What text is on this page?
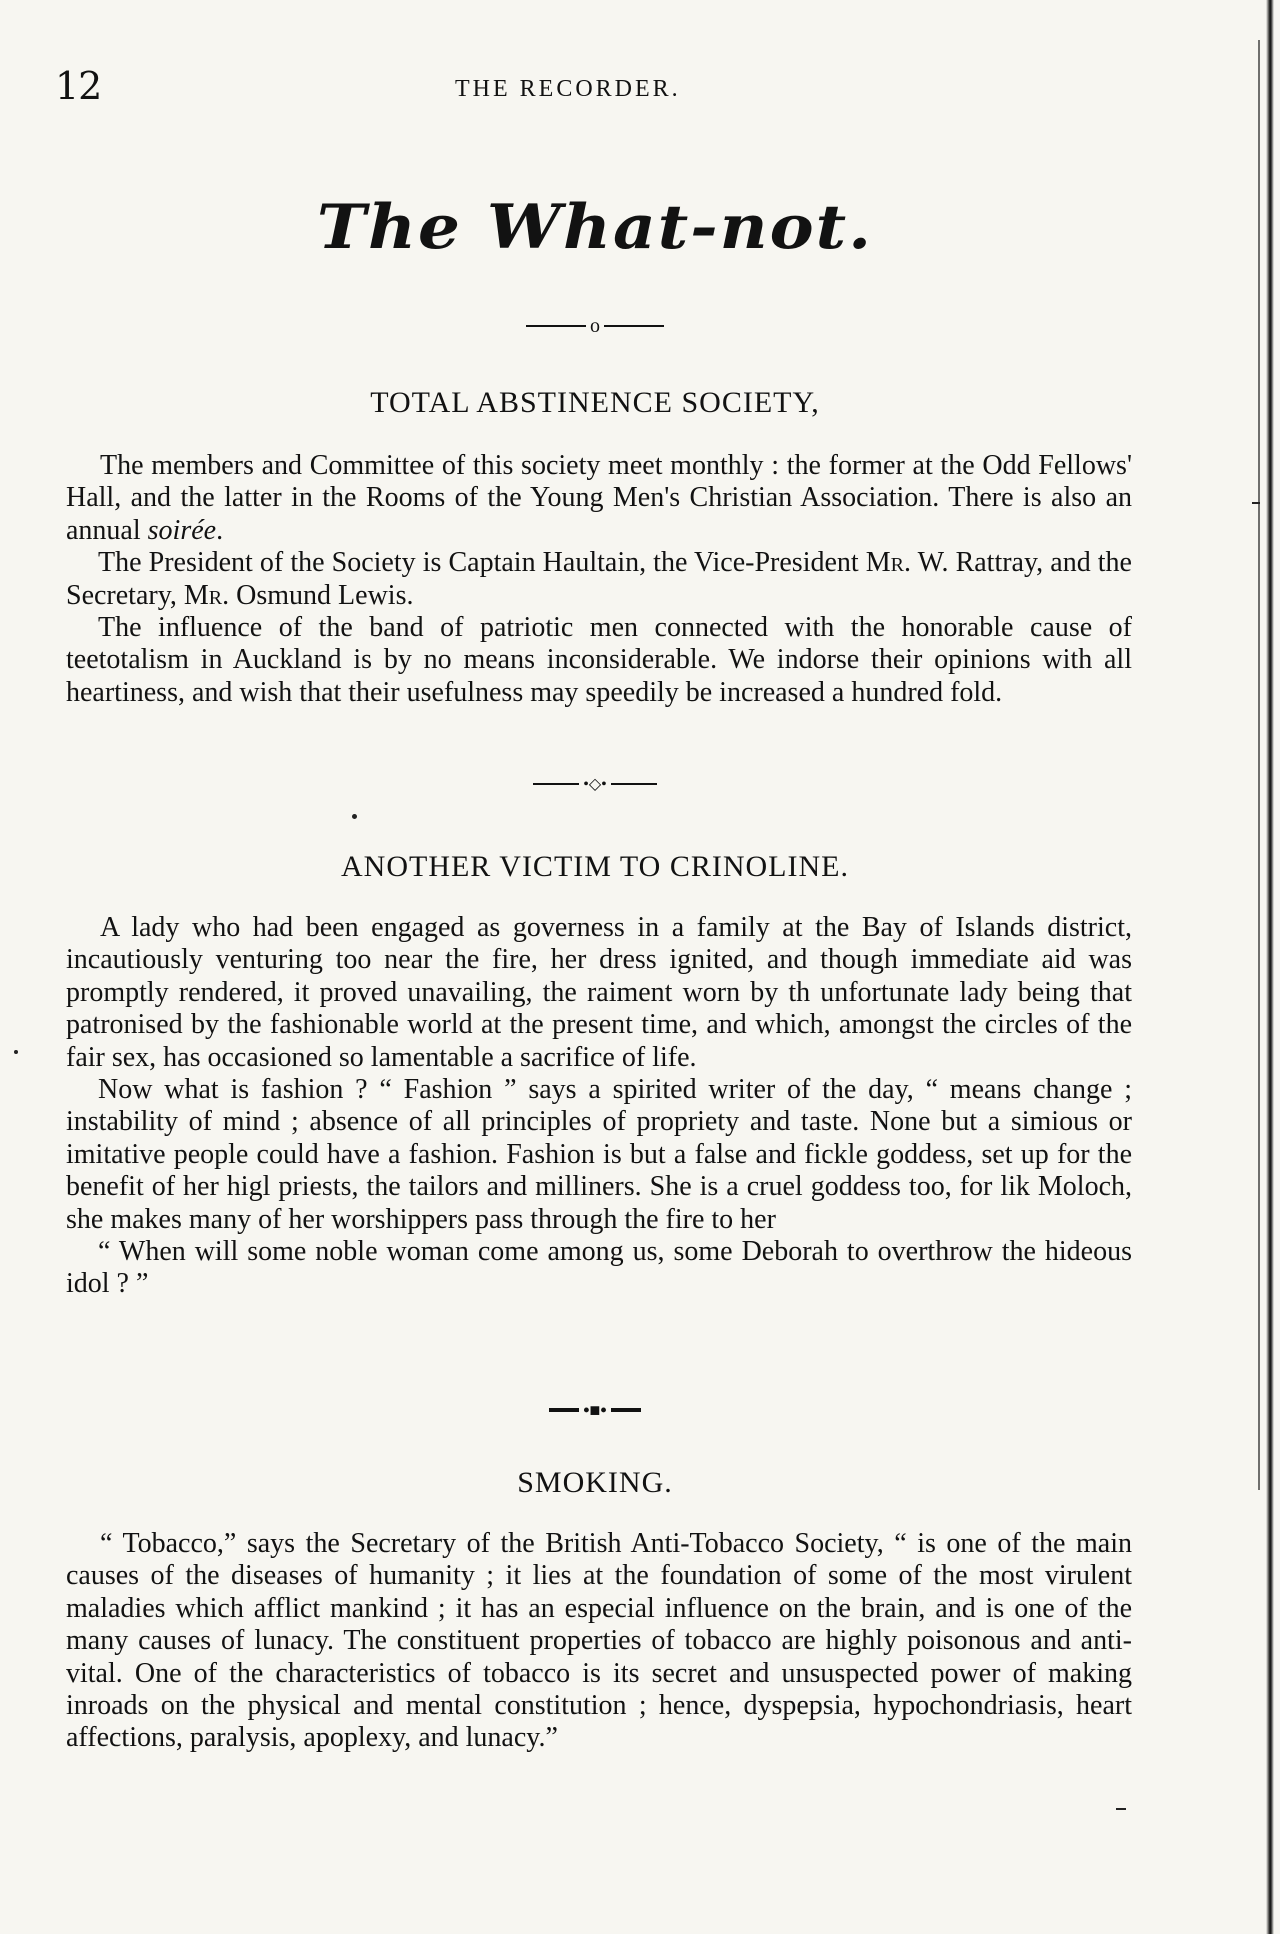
12	THE RECORDER.
The What-not.
o
TOTAL ABSTINENCE SOCIETY,

The members and Committee of this society meet monthly : the former at the Odd Fellows' Hall, and the latter in the Rooms of the Young Men's Christian Association. There is also an annual soirée.

The President of the Society is Captain Haultain, the Vice-President Mr. W. Rattray, and the Secretary, Mr. Osmund Lewis.

The influence of the band of patriotic men connected with the honorable cause of teetotalism in Auckland is by no means inconsiderable. We indorse their opinions with all heartiness, and wish that their usefulness may speedily be increased a hundred fold.

•◇•
ANOTHER VICTIM TO CRINOLINE.

A lady who had been engaged as governess in a family at the Bay of Islands district, incautiously venturing too near the fire, her dress ignited, and though immediate aid was promptly rendered, it proved unavailing, the raiment worn by th unfortunate lady being that patronised by the fashionable world at the present time, and which, amongst the circles of the fair sex, has occasioned so lamentable a sacrifice of life.

Now what is fashion ? “ Fashion ” says a spirited writer of the day, “ means change ; instability of mind ; absence of all principles of propriety and taste. None but a simious or imitative people could have a fashion. Fashion is but a false and fickle goddess, set up for the benefit of her higl priests, the tailors and milliners. She is a cruel goddess too, for lik Moloch, she makes many of her worshippers pass through the fire to her

“ When will some noble woman come among us, some Deborah to overthrow the hideous idol ? ”

•■•
SMOKING.

“ Tobacco,” says the Secretary of the British Anti-Tobacco Society, “ is one of the main causes of the diseases of humanity ; it lies at the foundation of some of the most virulent maladies which afflict mankind ; it has an especial influence on the brain, and is one of the many causes of lunacy. The constituent properties of tobacco are highly poisonous and anti-vital. One of the characteristics of tobacco is its secret and unsuspected power of making inroads on the physical and mental constitution ; hence, dyspepsia, hypochondriasis, heart affections, paralysis, apoplexy, and lunacy.”
